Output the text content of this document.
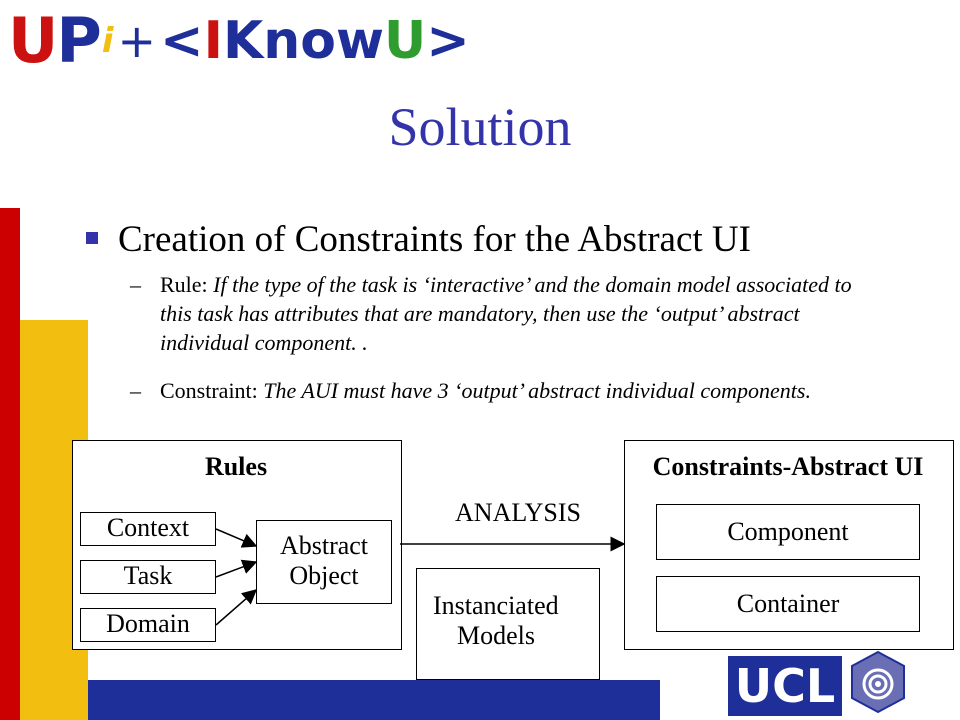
UPi+<IKnowU>
Solution
Creation of Constraints for the Abstract UI
– Rule: If the type of the task is ‘interactive’ and the domain model associated to this task has attributes that are mandatory, then use the ‘output’ abstract individual component. .
– Constraint: The AUI must have 3 ‘output’ abstract individual components.
Rules
Context
Task
Domain
Abstract
Object
Instanciated
Models
ANALYSIS
Constraints-Abstract UI
Component
Container
UCL
